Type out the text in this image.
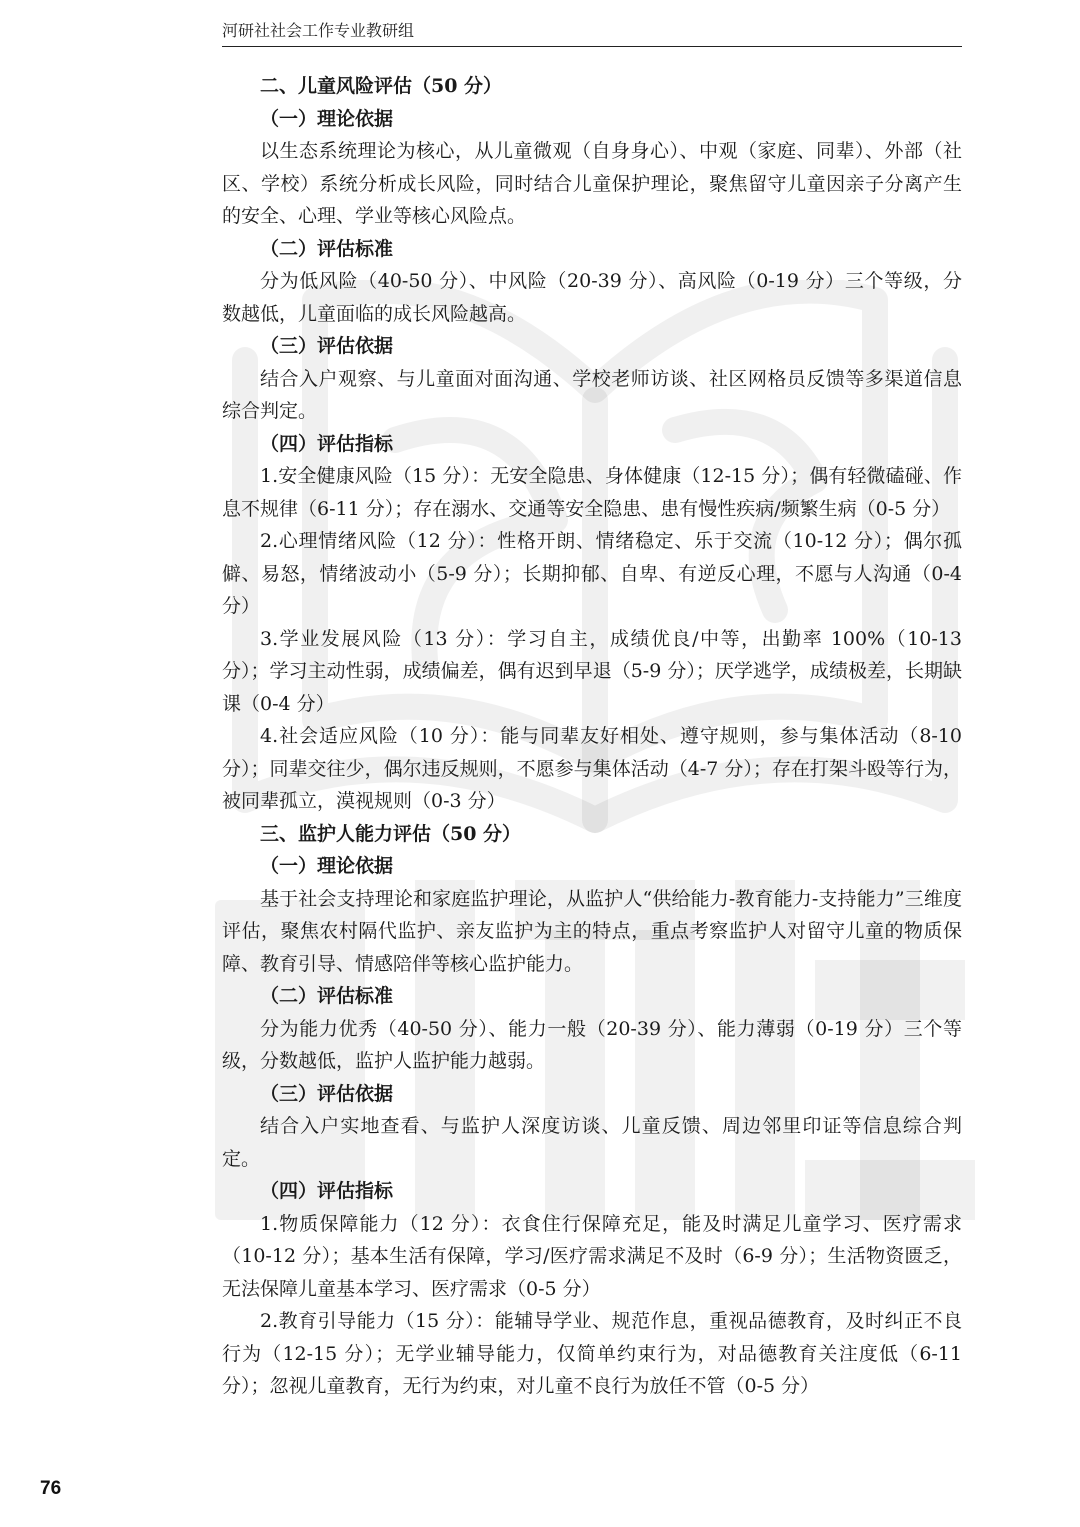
河研社社会工作专业教研组

二、儿童风险评估（50 分）

（一）理论依据

以生态系统理论为核心，从儿童微观（自身身心）、中观（家庭、同辈）、外部（社区、学校）系统分析成长风险，同时结合儿童保护理论，聚焦留守儿童因亲子分离产生的安全、心理、学业等核心风险点。

（二）评估标准

分为低风险（40-50 分）、中风险（20-39 分）、高风险（0-19 分）三个等级，分数越低，儿童面临的成长风险越高。

（三）评估依据

结合入户观察、与儿童面对面沟通、学校老师访谈、社区网格员反馈等多渠道信息综合判定。

（四）评估指标

1.安全健康风险（15 分）：无安全隐患、身体健康（12-15 分）；偶有轻微磕碰、作息不规律（6-11 分）；存在溺水、交通等安全隐患、患有慢性疾病/频繁生病（0-5 分）

2.心理情绪风险（12 分）：性格开朗、情绪稳定、乐于交流（10-12 分）；偶尔孤僻、易怒，情绪波动小（5-9 分）；长期抑郁、自卑、有逆反心理，不愿与人沟通（0-4 分）

3.学业发展风险（13 分）：学习自主，成绩优良/中等，出勤率 100%（10-13 分）；学习主动性弱，成绩偏差，偶有迟到早退（5-9 分）；厌学逃学，成绩极差，长期缺课（0-4 分）

4.社会适应风险（10 分）：能与同辈友好相处、遵守规则，参与集体活动（8-10 分）；同辈交往少，偶尔违反规则，不愿参与集体活动（4-7 分）；存在打架斗殴等行为，被同辈孤立，漠视规则（0-3 分）

三、监护人能力评估（50 分）

（一）理论依据

基于社会支持理论和家庭监护理论，从监护人“供给能力-教育能力-支持能力”三维度评估，聚焦农村隔代监护、亲友监护为主的特点，重点考察监护人对留守儿童的物质保障、教育引导、情感陪伴等核心监护能力。

（二）评估标准

分为能力优秀（40-50 分）、能力一般（20-39 分）、能力薄弱（0-19 分）三个等级，分数越低，监护人监护能力越弱。

（三）评估依据

结合入户实地查看、与监护人深度访谈、儿童反馈、周边邻里印证等信息综合判定。

（四）评估指标

1.物质保障能力（12 分）：衣食住行保障充足，能及时满足儿童学习、医疗需求（10-12 分）；基本生活有保障，学习/医疗需求满足不及时（6-9 分）；生活物资匮乏，无法保障儿童基本学习、医疗需求（0-5 分）

2.教育引导能力（15 分）：能辅导学业、规范作息，重视品德教育，及时纠正不良行为（12-15 分）；无学业辅导能力，仅简单约束行为，对品德教育关注度低（6-11 分）；忽视儿童教育，无行为约束，对儿童不良行为放任不管（0-5 分）

76
